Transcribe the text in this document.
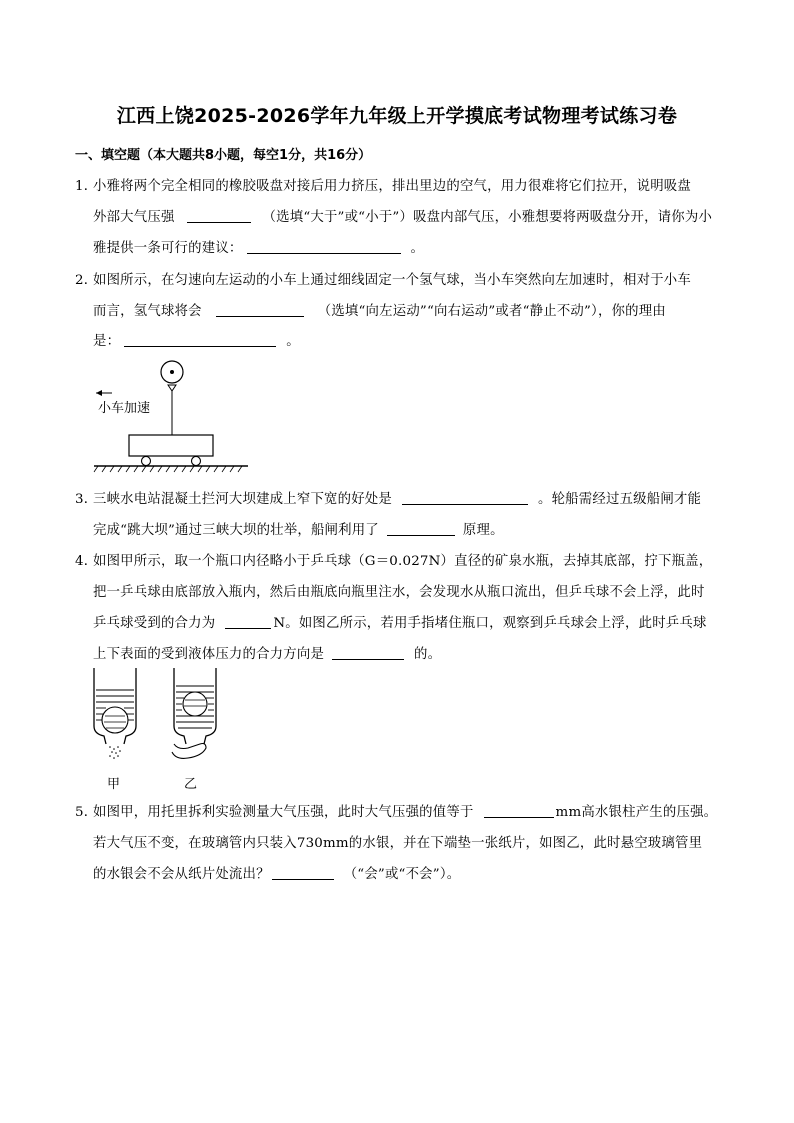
江西上饶2025-2026学年九年级上开学摸底考试物理考试练习卷
一、填空题（本大题共8小题，每空1分，共16分）
1．小雅将两个完全相同的橡胶吸盘对接后用力挤压，排出里边的空气，用力很难将它们拉开，说明吸盘
外部大气压强	（选填“大于”或“小于”）吸盘内部气压，小雅想要将两吸盘分开，请你为小
雅提供一条可行的建议：	。
2．如图所示，在匀速向左运动的小车上通过细线固定一个氢气球，当小车突然向左加速时，相对于小车
而言，氢气球将会	（选填“向左运动”“向右运动”或者“静止不动”），你的理由
是：	。
小车加速
3．三峡水电站混凝土拦河大坝建成上窄下宽的好处是	。轮船需经过五级船闸才能
完成“跳大坝”通过三峡大坝的壮举，船闸利用了	原理。
4．如图甲所示，取一个瓶口内径略小于乒乓球（G＝0.027N）直径的矿泉水瓶，去掉其底部，拧下瓶盖，
把一乒乓球由底部放入瓶内，然后由瓶底向瓶里注水，会发现水从瓶口流出，但乒乓球不会上浮，此时
乒乓球受到的合力为	N。如图乙所示，若用手指堵住瓶口，观察到乒乓球会上浮，此时乒乓球
上下表面的受到液体压力的合力方向是	的。
甲	乙
5．如图甲，用托里拆利实验测量大气压强，此时大气压强的值等于	mm高水银柱产生的压强。
若大气压不变，在玻璃管内只装入730mm的水银，并在下端垫一张纸片，如图乙，此时悬空玻璃管里
的水银会不会从纸片处流出？	（“会”或“不会”）。
